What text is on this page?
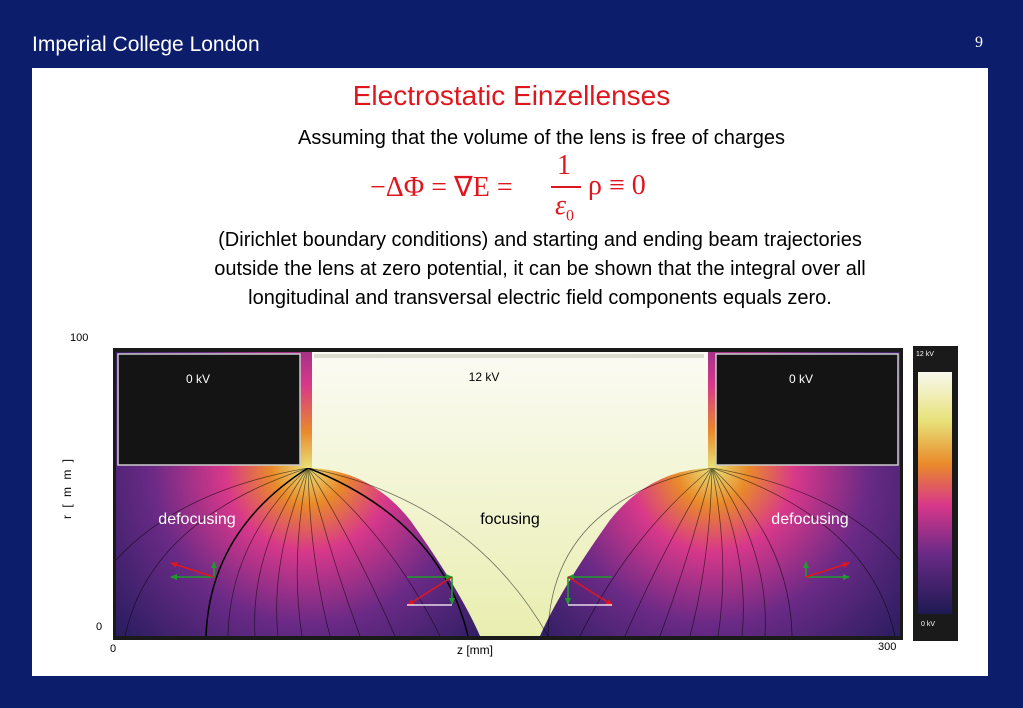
Imperial College London	9
Electrostatic Einzellenses
Assuming that the volume of the lens is free of charges
−ΔΦ = ∇E =
1
$\varepsilon_0$
ρ ≡ 0
(Dirichlet boundary conditions) and starting and ending beam trajectories
outside the lens at zero potential, it can be shown that the integral over all
longitudinal and transversal electric field components equals zero.
0 kV	12 kV	0 kV
defocusing	focusing	defocusing
100
0
0	300
z [mm]
r [ m m ]
12 kV
0 kV
